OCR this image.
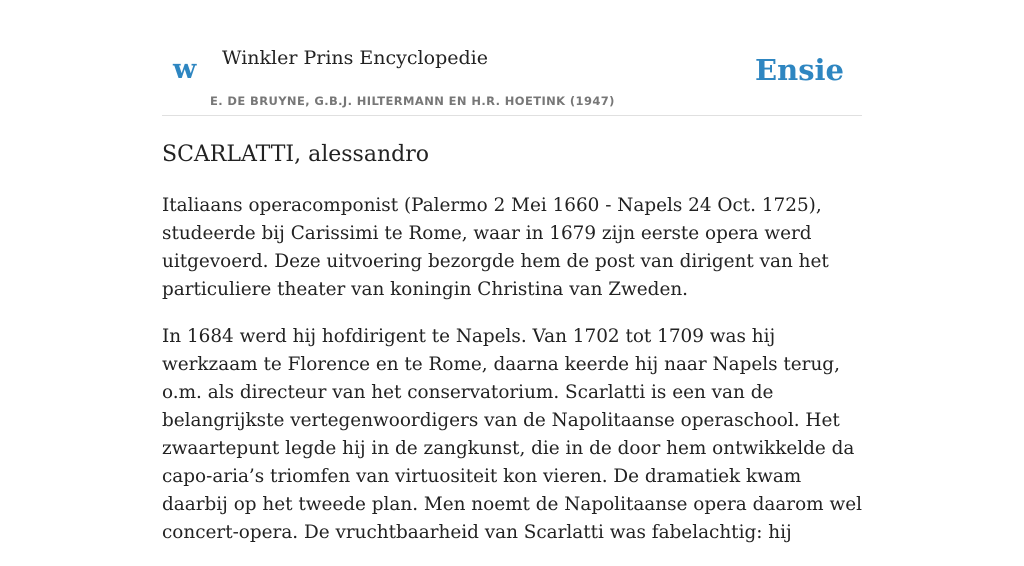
w Winkler Prins Encyclopedie
E. DE BRUYNE, G.B.J. HILTERMANN EN H.R. HOETINK (1947)
Ensie
SCARLATTI, alessandro

Italiaans operacomponist (Palermo 2 Mei 1660 - Napels 24 Oct. 1725), studeerde bij Carissimi te Rome, waar in 1679 zijn eerste opera werd uitgevoerd. Deze uitvoering bezorgde hem de post van dirigent van het particuliere theater van koningin Christina van Zweden.

In 1684 werd hij hofdirigent te Napels. Van 1702 tot 1709 was hij werkzaam te Florence en te Rome, daarna keerde hij naar Napels terug, o.m. als directeur van het conservatorium. Scarlatti is een van de belangrijkste vertegenwoordigers van de Napolitaanse operaschool. Het zwaartepunt legde hij in de zangkunst, die in de door hem ontwikkelde da capo-aria’s triomfen van virtuositeit kon vieren. De dramatiek kwam daarbij op het tweede plan. Men noemt de Napolitaanse opera daarom wel concert-opera. De vruchtbaarheid van Scarlatti was fabelachtig: hij
